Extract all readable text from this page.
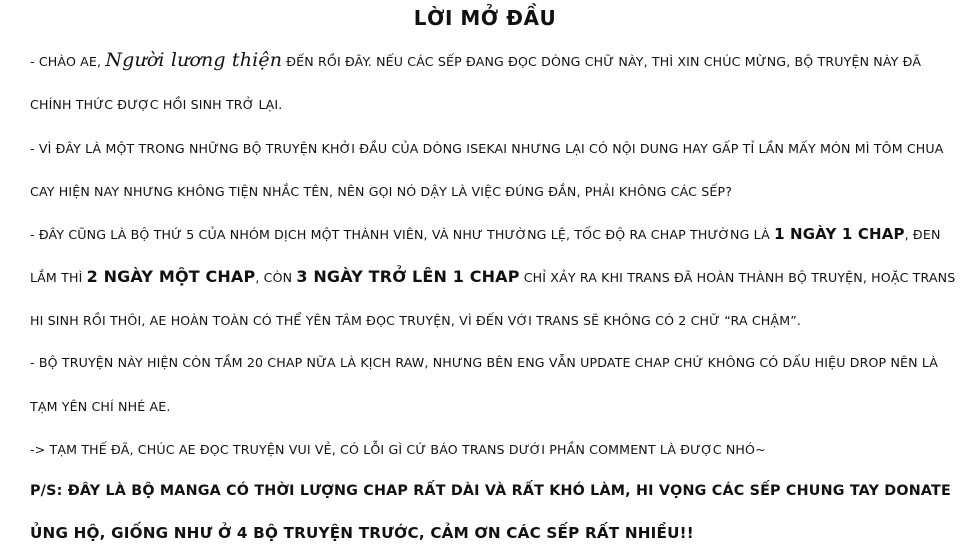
LỜI MỞ ĐẦU
- CHÀO AE, Người lương thiện ĐẾN RỒI ĐÂY. NẾU CÁC SẾP ĐANG ĐỌC DÒNG CHỮ NÀY, THÌ XIN CHÚC MỪNG, BỘ TRUYỆN NÀY ĐÃ
CHÍNH THỨC ĐƯỢC HỒI SINH TRỞ LẠI.
- VÌ ĐÂY LÀ MỘT TRONG NHỮNG BỘ TRUYỆN KHỞI ĐẦU CỦA DÒNG ISEKAI NHƯNG LẠI CÓ NỘI DUNG HAY GẤP TỈ LẦN MẤY MÓN MÌ TÔM CHUA
CAY HIỆN NAY NHƯNG KHÔNG TIỆN NHẮC TÊN, NÊN GỌI NÓ DẬY LÀ VIỆC ĐÚNG ĐẮN, PHẢI KHÔNG CÁC SẾP?
- ĐÂY CŨNG LÀ BỘ THỨ 5 CỦA NHÓM DỊCH MỘT THÀNH VIÊN, VÀ NHƯ THƯỜNG LỆ, TỐC ĐỘ RA CHAP THƯỜNG LÀ 1 NGÀY 1 CHAP, ĐEN
LẮM THÌ 2 NGÀY MỘT CHAP, CÒN 3 NGÀY TRỞ LÊN 1 CHAP CHỈ XẢY RA KHI TRANS ĐÃ HOÀN THÀNH BỘ TRUYỆN, HOẶC TRANS
HI SINH RỒI THÔI, AE HOÀN TOÀN CÓ THỂ YÊN TÂM ĐỌC TRUYỆN, VÌ ĐẾN VỚI TRANS SẼ KHÔNG CÓ 2 CHỮ “RA CHẬM”.
- BỘ TRUYỆN NÀY HIỆN CÒN TẦM 20 CHAP NỮA LÀ KỊCH RAW, NHƯNG BÊN ENG VẪN UPDATE CHAP CHỨ KHÔNG CÓ DẤU HIỆU DROP NÊN LÀ
TẠM YÊN CHÍ NHÉ AE.
-> TẠM THẾ ĐÃ, CHÚC AE ĐỌC TRUYỆN VUI VẺ, CÓ LỖI GÌ CỨ BÁO TRANS DƯỚI PHẦN COMMENT LÀ ĐƯỢC NHÓ~
P/S: ĐÂY LÀ BỘ MANGA CÓ THỜI LƯỢNG CHAP RẤT DÀI VÀ RẤT KHÓ LÀM, HI VỌNG CÁC SẾP CHUNG TAY DONATE
ỦNG HỘ, GIỐNG NHƯ Ở 4 BỘ TRUYỆN TRƯỚC, CẢM ƠN CÁC SẾP RẤT NHIỀU!!
